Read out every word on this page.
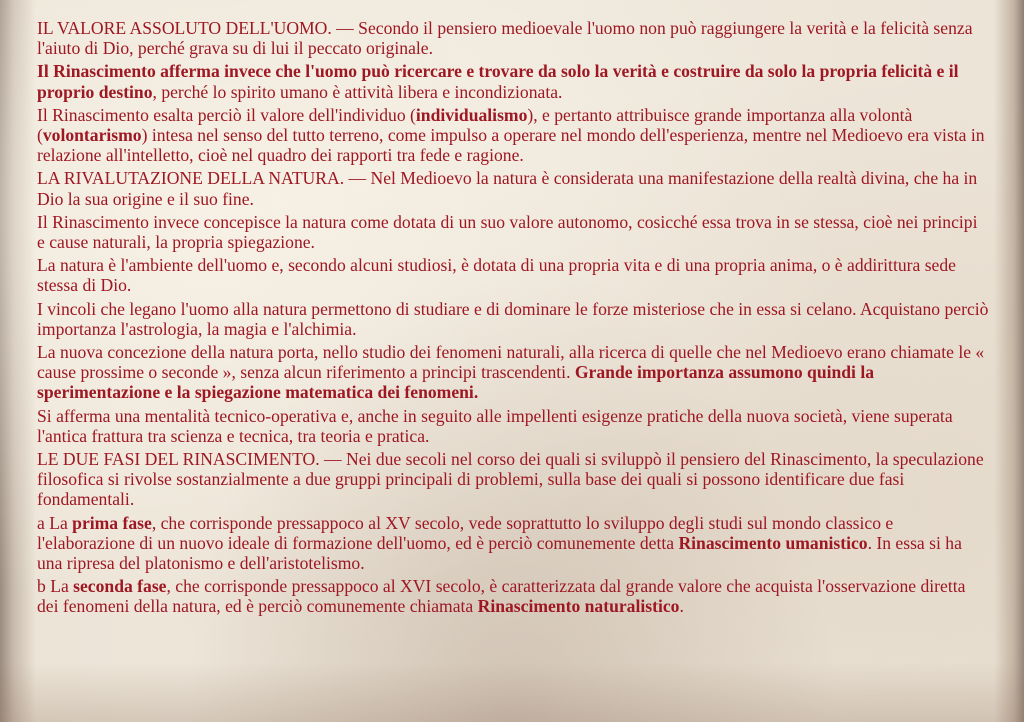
IL VALORE ASSOLUTO DELL'UOMO. — Secondo il pensiero medioevale l'uomo non può raggiungere la verità e la felicità senza l'aiuto di Dio, perché grava su di lui il peccato originale.

Il Rinascimento afferma invece che l'uomo può ricercare e trovare da solo la verità e costruire da solo la propria felicità e il proprio destino, perché lo spirito umano è attività libera e incondizionata.

Il Rinascimento esalta perciò il valore dell'individuo (individualismo), e pertanto attribuisce grande importanza alla volontà (volontarismo) intesa nel senso del tutto terreno, come impulso a operare nel mondo dell'esperienza, mentre nel Medioevo era vista in relazione all'intelletto, cioè nel quadro dei rapporti tra fede e ragione.

LA RIVALUTAZIONE DELLA NATURA. — Nel Medioevo la natura è considerata una manifestazione della realtà divina, che ha in Dio la sua origine e il suo fine.

Il Rinascimento invece concepisce la natura come dotata di un suo valore autonomo, cosicché essa trova in se stessa, cioè nei principi e cause naturali, la propria spiegazione.

La natura è l'ambiente dell'uomo e, secondo alcuni studiosi, è dotata di una propria vita e di una propria anima, o è addirittura sede stessa di Dio.

I vincoli che legano l'uomo alla natura permettono di studiare e di dominare le forze misteriose che in essa si celano. Acquistano perciò importanza l'astrologia, la magia e l'alchimia.

La nuova concezione della natura porta, nello studio dei fenomeni naturali, alla ricerca di quelle che nel Medioevo erano chiamate le « cause prossime o seconde », senza alcun riferimento a principi trascendenti. Grande importanza assumono quindi la sperimentazione e la spiegazione matematica dei fenomeni.

Si afferma una mentalità tecnico-operativa e, anche in seguito alle impellenti esigenze pratiche della nuova società, viene superata l'antica frattura tra scienza e tecnica, tra teoria e pratica.

LE DUE FASI DEL RINASCIMENTO. — Nei due secoli nel corso dei quali si sviluppò il pensiero del Rinascimento, la speculazione filosofica si rivolse sostanzialmente a due gruppi principali di problemi, sulla base dei quali si possono identificare due fasi fondamentali.

a La prima fase, che corrisponde pressappoco al XV secolo, vede soprattutto lo sviluppo degli studi sul mondo classico e l'elaborazione di un nuovo ideale di formazione dell'uomo, ed è perciò comunemente detta Rinascimento umanistico. In essa si ha una ripresa del platonismo e dell'aristotelismo.

b La seconda fase, che corrisponde pressappoco al XVI secolo, è caratterizzata dal grande valore che acquista l'osservazione diretta dei fenomeni della natura, ed è perciò comunemente chiamata Rinascimento naturalistico.
